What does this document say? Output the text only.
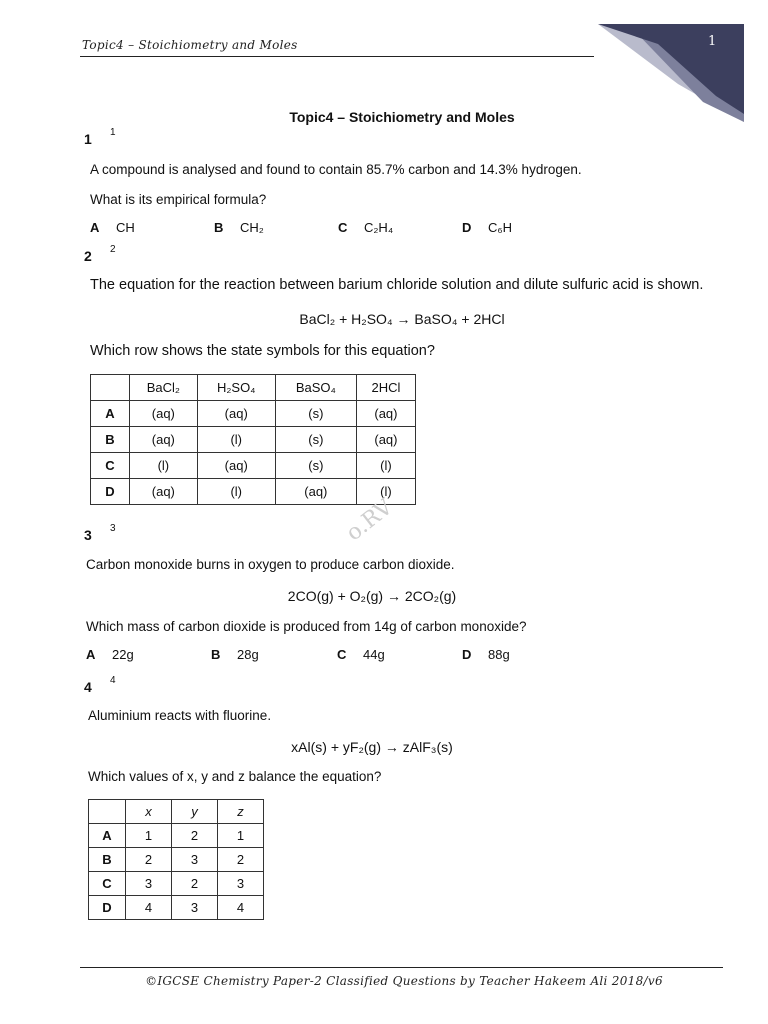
Topic4 – Stoichiometry and Moles	1
Topic4 – Stoichiometry and Moles
1 1
A compound is analysed and found to contain 85.7% carbon and 14.3% hydrogen.
What is its empirical formula?
A CH	B CH₂	C C₂H₄	D C₆H
2 2
The equation for the reaction between barium chloride solution and dilute sulfuric acid is shown.
BaCl₂ + H₂SO₄ → BaSO₄ + 2HCl
Which row shows the state symbols for this equation?
	BaCl₂	H₂SO₄	BaSO₄	2HCl
A	(aq)	(aq)	(s)	(aq)
B	(aq)	(l)	(s)	(aq)
C	(l)	(aq)	(s)	(l)
D	(aq)	(l)	(aq)	(l)
o.RV
3 3
Carbon monoxide burns in oxygen to produce carbon dioxide.
2CO(g) + O₂(g) → 2CO₂(g)
Which mass of carbon dioxide is produced from 14g of carbon monoxide?
A 22g	B 28g	C 44g	D 88g
4 4
Aluminium reacts with fluorine.
xAl(s) + yF₂(g) → zAlF₃(s)
Which values of x, y and z balance the equation?
	x	y	z
A	1	2	1
B	2	3	2
C	3	2	3
D	4	3	4
©IGCSE Chemistry Paper-2 Classified Questions by Teacher Hakeem Ali 2018/v6
